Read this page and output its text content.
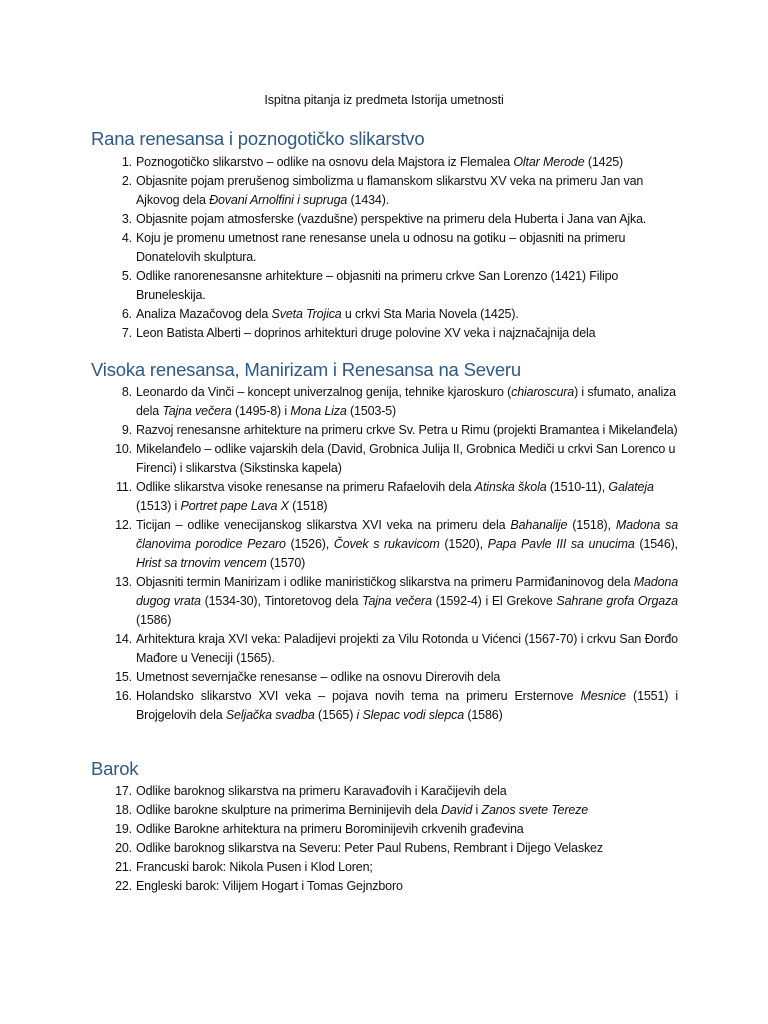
Ispitna pitanja iz predmeta Istorija umetnosti
Rana renesansa i poznogotičko slikarstvo
1. Poznogotičko slikarstvo – odlike na osnovu dela Majstora iz Flemalea Oltar Merode (1425)
2. Objasnite pojam prerušenog simbolizma u flamanskom slikarstvu XV veka na primeru Jan van Ajkovog dela Đovani Arnolfini i supruga (1434).
3. Objasnite pojam atmosferske (vazdušne) perspektive na primeru dela Huberta i Jana van Ajka.
4. Koju je promenu umetnost rane renesanse unela u odnosu na gotiku – objasniti na primeru Donatelovih skulptura.
5. Odlike ranorenesansne arhitekture – objasniti na primeru crkve San Lorenzo (1421) Filipo Bruneleskija.
6. Analiza Mazačovog dela Sveta Trojica u crkvi Sta Maria Novela (1425).
7. Leon Batista Alberti – doprinos arhitekturi druge polovine XV veka i najznačajnija dela
Visoka renesansa, Manirizam i Renesansa na Severu
8. Leonardo da Vinči – koncept univerzalnog genija, tehnike kjaroskuro (chiaroscura) i sfumato, analiza dela Tajna večera (1495-8) i Mona Liza (1503-5)
9. Razvoj renesansne arhitekture na primeru crkve Sv. Petra u Rimu (projekti Bramantea i Mikelanđela)
10. Mikelanđelo – odlike vajarskih dela (David, Grobnica Julija II, Grobnica Mediči u crkvi San Lorenco u Firenci) i slikarstva (Sikstinska kapela)
11. Odlike slikarstva visoke renesanse na primeru Rafaelovih dela Atinska škola (1510-11), Galateja (1513) i Portret pape Lava X (1518)
12. Ticijan – odlike venecijanskog slikarstva XVI veka na primeru dela Bahanalije (1518), Madona sa članovima porodice Pezaro (1526), Čovek s rukavicom (1520), Papa Pavle III sa unucima (1546), Hrist sa trnovim vencem (1570)
13. Objasniti termin Manirizam i odlike manirističkog slikarstva na primeru Parmiđaninovog dela Madona dugog vrata (1534-30), Tintoretovog dela Tajna večera (1592-4) i El Grekove Sahrane grofa Orgaza (1586)
14. Arhitektura kraja XVI veka: Paladijevi projekti za Vilu Rotonda u Vićenci (1567-70) i crkvu San Đorđo Mađore u Veneciji (1565).
15. Umetnost severnjačke renesanse – odlike na osnovu Direrovih dela
16. Holandsko slikarstvo XVI veka – pojava novih tema na primeru Ersternove Mesnice (1551) i Brojgelovih dela Seljačka svadba (1565) i Slepac vodi slepca (1586)
Barok
17. Odlike baroknog slikarstva na primeru Karavađovih i Karačijevih dela
18. Odlike barokne skulpture na primerima Berninijevih dela David i Zanos svete Tereze
19. Odlike Barokne arhitektura na primeru Borominijevih crkvenih građevina
20. Odlike baroknog slikarstva na Severu: Peter Paul Rubens, Rembrant i Dijego Velaskez
21. Francuski barok: Nikola Pusen i Klod Loren;
22. Engleski barok: Vilijem Hogart i Tomas Gejnzboro
